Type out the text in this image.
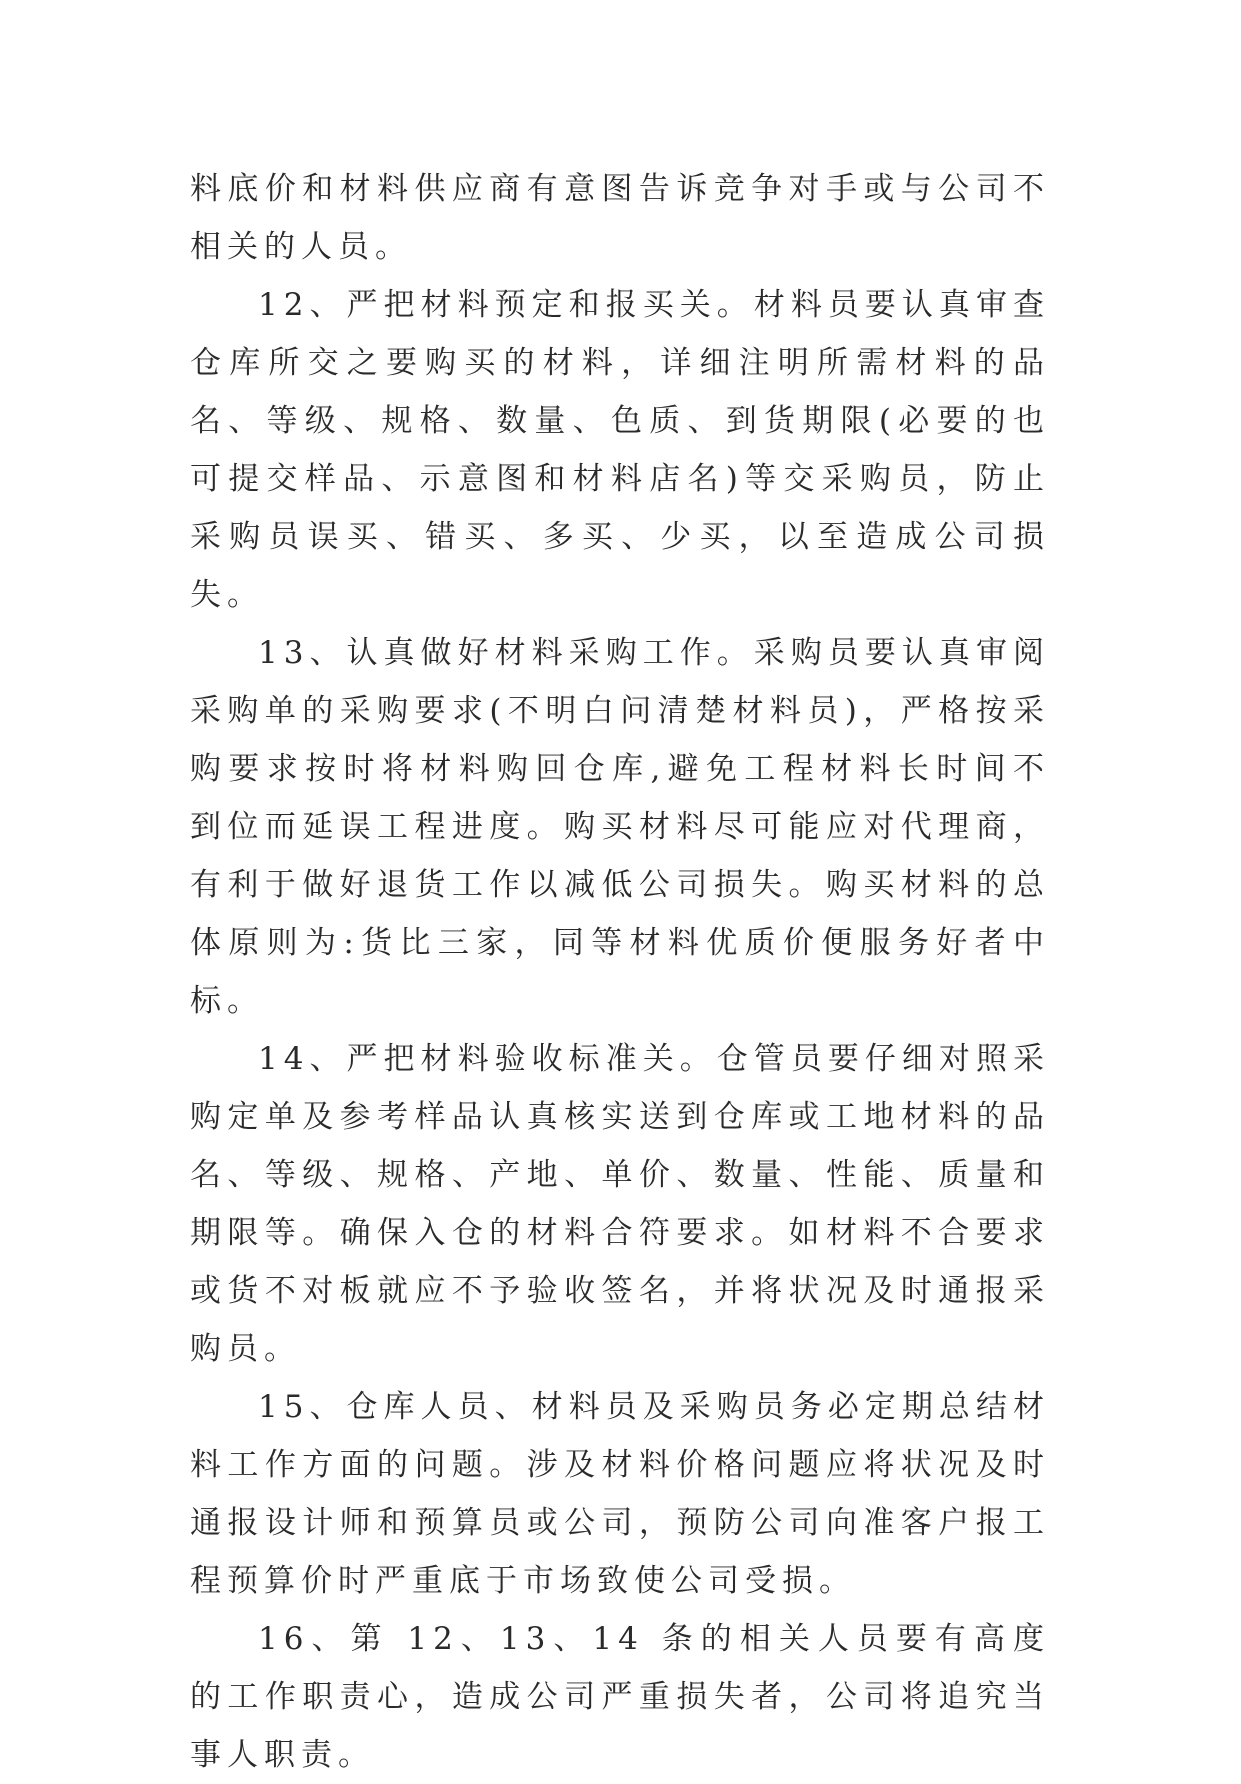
料底价和材料供应商有意图告诉竞争对手或与公司不相关的人员。

12、严把材料预定和报买关。材料员要认真审查仓库所交之要购买的材料，详细注明所需材料的品名、等级、规格、数量、色质、到货期限(必要的也可提交样品、示意图和材料店名)等交采购员，防止采购员误买、错买、多买、少买，以至造成公司损失。

13、认真做好材料采购工作。采购员要认真审阅采购单的采购要求(不明白问清楚材料员)，严格按采购要求按时将材料购回仓库,避免工程材料长时间不到位而延误工程进度。购买材料尽可能应对代理商，有利于做好退货工作以减低公司损失。购买材料的总体原则为:货比三家，同等材料优质价便服务好者中标。

14、严把材料验收标准关。仓管员要仔细对照采购定单及参考样品认真核实送到仓库或工地材料的品名、等级、规格、产地、单价、数量、性能、质量和期限等。确保入仓的材料合符要求。如材料不合要求或货不对板就应不予验收签名，并将状况及时通报采购员。

15、仓库人员、材料员及采购员务必定期总结材料工作方面的问题。涉及材料价格问题应将状况及时通报设计师和预算员或公司，预防公司向准客户报工程预算价时严重底于市场致使公司受损。

16、第 12、13、14 条的相关人员要有高度的工作职责心，造成公司严重损失者，公司将追究当事人职责。
